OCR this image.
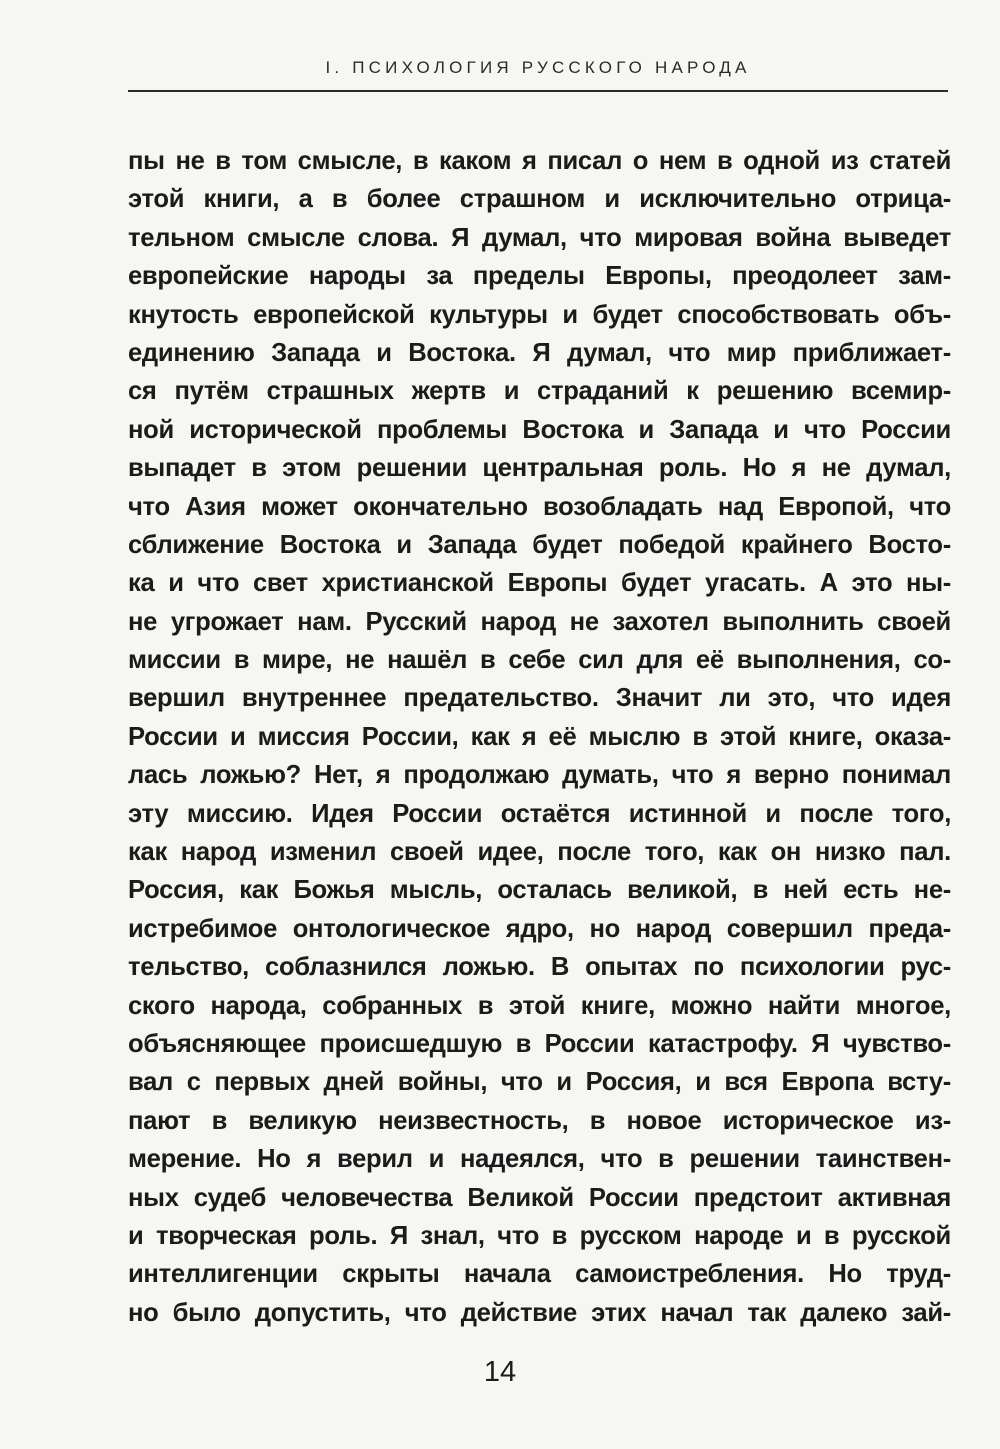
I. ПСИХОЛОГИЯ РУССКОГО НАРОДА
пы не в том смысле, в каком я писал о нем в одной из статей
этой книги, а в более страшном и исключительно отрица-
тельном смысле слова. Я думал, что мировая война выведет
европейские народы за пределы Европы, преодолеет зам-
кнутость европейской культуры и будет способствовать объ-
единению Запада и Востока. Я думал, что мир приближает-
ся путём страшных жертв и страданий к решению всемир-
ной исторической проблемы Востока и Запада и что России
выпадет в этом решении центральная роль. Но я не думал,
что Азия может окончательно возобладать над Европой, что
сближение Востока и Запада будет победой крайнего Восто-
ка и что свет христианской Европы будет угасать. А это ны-
не угрожает нам. Русский народ не захотел выполнить своей
миссии в мире, не нашёл в себе сил для её выполнения, со-
вершил внутреннее предательство. Значит ли это, что идея
России и миссия России, как я её мыслю в этой книге, оказа-
лась ложью? Нет, я продолжаю думать, что я верно понимал
эту миссию. Идея России остаётся истинной и после того,
как народ изменил своей идее, после того, как он низко пал.
Россия, как Божья мысль, осталась великой, в ней есть не-
истребимое онтологическое ядро, но народ совершил преда-
тельство, соблазнился ложью. В опытах по психологии рус-
ского народа, собранных в этой книге, можно найти многое,
объясняющее происшедшую в России катастрофу. Я чувство-
вал с первых дней войны, что и Россия, и вся Европа всту-
пают в великую неизвестность, в новое историческое из-
мерение. Но я верил и надеялся, что в решении таинствен-
ных судеб человечества Великой России предстоит активная
и творческая роль. Я знал, что в русском народе и в русской
интеллигенции скрыты начала самоистребления. Но труд-
но было допустить, что действие этих начал так далеко зай-
14
